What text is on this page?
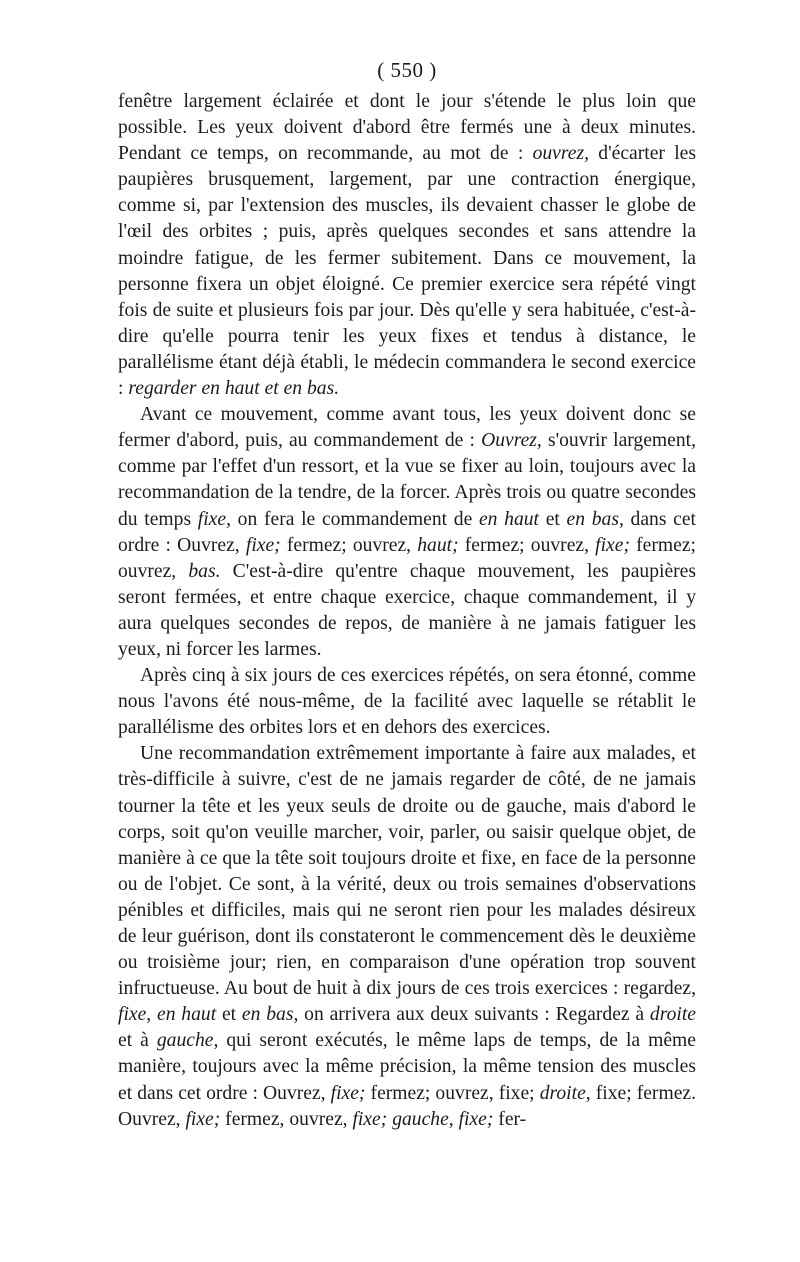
( 550 )

fenêtre largement éclairée et dont le jour s'étende le plus loin que possible. Les yeux doivent d'abord être fermés une à deux minutes. Pendant ce temps, on recommande, au mot de : ouvrez, d'écarter les paupières brusquement, largement, par une contraction énergique, comme si, par l'extension des muscles, ils devaient chasser le globe de l'œil des orbites ; puis, après quelques secondes et sans attendre la moindre fatigue, de les fermer subitement. Dans ce mouvement, la personne fixera un objet éloigné. Ce premier exercice sera répété vingt fois de suite et plusieurs fois par jour. Dès qu'elle y sera habituée, c'est-à-dire qu'elle pourra tenir les yeux fixes et tendus à distance, le parallélisme étant déjà établi, le médecin commandera le second exercice : regarder en haut et en bas.

Avant ce mouvement, comme avant tous, les yeux doivent donc se fermer d'abord, puis, au commandement de : Ouvrez, s'ouvrir largement, comme par l'effet d'un ressort, et la vue se fixer au loin, toujours avec la recommandation de la tendre, de la forcer. Après trois ou quatre secondes du temps fixe, on fera le commandement de en haut et en bas, dans cet ordre : Ouvrez, fixe; fermez; ouvrez, haut; fermez; ouvrez, fixe; fermez; ouvrez, bas. C'est-à-dire qu'entre chaque mouvement, les paupières seront fermées, et entre chaque exercice, chaque commandement, il y aura quelques secondes de repos, de manière à ne jamais fatiguer les yeux, ni forcer les larmes.

Après cinq à six jours de ces exercices répétés, on sera étonné, comme nous l'avons été nous-même, de la facilité avec laquelle se rétablit le parallélisme des orbites lors et en dehors des exercices.

Une recommandation extrêmement importante à faire aux malades, et très-difficile à suivre, c'est de ne jamais regarder de côté, de ne jamais tourner la tête et les yeux seuls de droite ou de gauche, mais d'abord le corps, soit qu'on veuille marcher, voir, parler, ou saisir quelque objet, de manière à ce que la tête soit toujours droite et fixe, en face de la personne ou de l'objet. Ce sont, à la vérité, deux ou trois semaines d'observations pénibles et difficiles, mais qui ne seront rien pour les malades désireux de leur guérison, dont ils constateront le commencement dès le deuxième ou troisième jour; rien, en comparaison d'une opération trop souvent infructueuse. Au bout de huit à dix jours de ces trois exercices : regardez, fixe, en haut et en bas, on arrivera aux deux suivants : Regardez à droite et à gauche, qui seront exécutés, le même laps de temps, de la même manière, toujours avec la même précision, la même tension des muscles et dans cet ordre : Ouvrez, fixe; fermez; ouvrez, fixe; droite, fixe; fermez. Ouvrez, fixe; fermez, ouvrez, fixe; gauche, fixe; fer-
